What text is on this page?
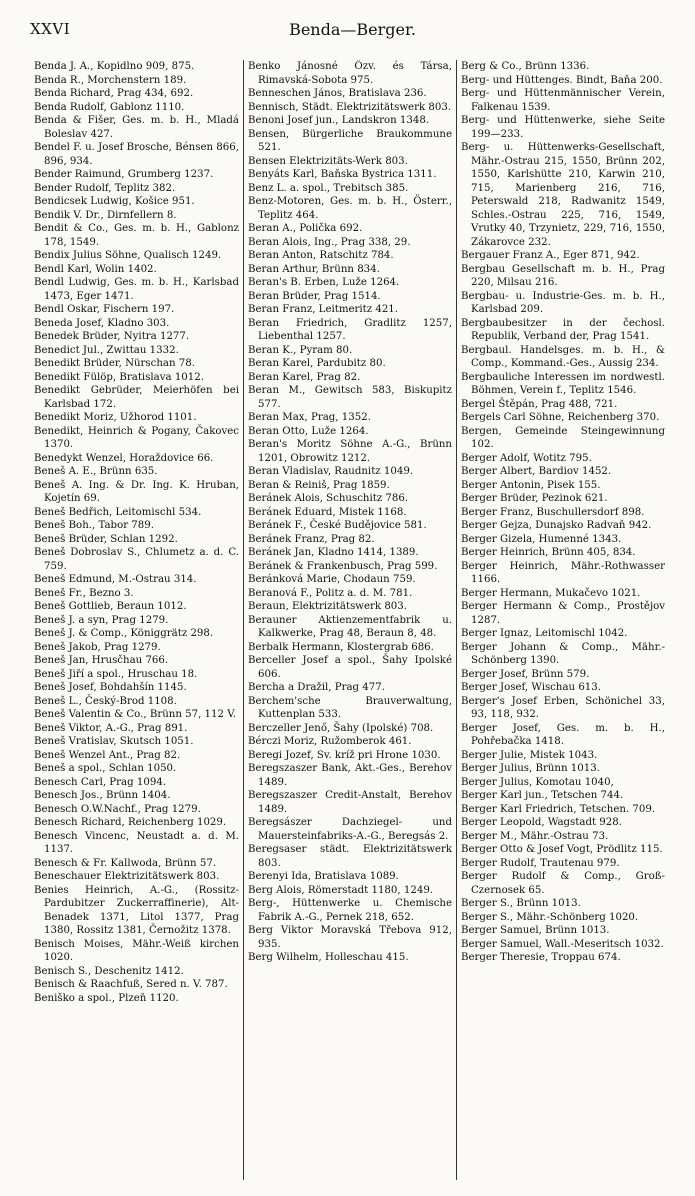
XXVI	Benda—Berger.

Benda J. A., Kopidlno 909, 875.

Benda R., Morchenstern 189.

Benda Richard, Prag 434, 692.

Benda Rudolf, Gablonz 1110.

Benda & Fišer, Ges. m. b. H., Mladá Boleslav 427.

Bendel F. u. Josef Brosche, Bénsen 866, 896, 934.

Bender Raimund, Grumberg 1237.

Bender Rudolf, Teplitz 382.

Bendicsek Ludwig, Košice 951.

Bendik V. Dr., Dirnfellern 8.

Bendit & Co., Ges. m. b. H., Gablonz 178, 1549.

Bendix Julius Söhne, Qualisch 1249.

Bendl Karl, Wolin 1402.

Bendl Ludwig, Ges. m. b. H., Karlsbad 1473, Eger 1471.

Bendl Oskar, Fischern 197.

Beneda Josef, Kladno 303.

Benedek Brüder, Nyitra 1277.

Benedict Jul., Zwittau 1332.

Benedikt Brüder, Nürschan 78.

Benedikt Fülöp, Bratislava 1012.

Benedikt Gebrüder, Meierhöfen bei Karlsbad 172.

Benedikt Moriz, Užhorod 1101.

Benedikt, Heinrich & Pogany, Čakovec 1370.

Benedykt Wenzel, Horaždovice 66.

Beneš A. E., Brünn 635.

Beneš A. Ing. & Dr. Ing. K. Hruban, Kojetín 69.

Beneš Bedřich, Leitomischl 534.

Beneš Boh., Tabor 789.

Beneš Brüder, Schlan 1292.

Beneš Dobroslav S., Chlumetz a. d. C. 759.

Beneš Edmund, M.-Ostrau 314.

Beneš Fr., Bezno 3.

Beneš Gottlieb, Beraun 1012.

Beneš J. a syn, Prag 1279.

Beneš J. & Comp., Königgrätz 298.

Beneš Jakob, Prag 1279.

Beneš Jan, Hrusčhau 766.

Beneš Jiří a spol., Hruschau 18.

Beneš Josef, Bohdahšín 1145.

Beneš L., Český-Brod 1108.

Beneš Valentin & Co., Brünn 57, 112 V.

Beneš Viktor, A.-G., Prag 891.

Beneš Vratislav, Skutsch 1051.

Beneš Wenzel Ant., Prag 82.

Beneš a spol., Schlan 1050.

Benesch Carl, Prag 1094.

Benesch Jos., Brünn 1404.

Benesch O.W.Nachf., Prag 1279.

Benesch Richard, Reichenberg 1029.

Benesch Vincenc, Neustadt a. d. M. 1137.

Benesch & Fr. Kallwoda, Brünn 57.

Beneschauer Elektrizitätswerk 803.

Benies Heinrich, A.-G., (Rossitz-Pardubitzer Zuckerraffinerie), Alt-Benadek 1371, Litol 1377, Prag 1380, Rossitz 1381, Černožitz 1378.

Benisch Moises, Mähr.-Weiß kirchen 1020.

Benisch S., Deschenitz 1412.

Benisch & Raachfuß, Sered n. V. 787.

Beniško a spol., Plzeň 1120.

Benko Jánosné Özv. és Társa, Rimavská-Sobota 975.

Benneschen János, Bratislava 236.

Bennisch, Städt. Elektrizitätswerk 803.

Benoni Josef jun., Landskron 1348.

Bensen, Bürgerliche Braukommune 521.

Bensen Elektrizitäts-Werk 803.

Benyáts Karl, Baňska Bystrica 1311.

Benz L. a. spol., Trebitsch 385.

Benz-Motoren, Ges. m. b. H., Österr., Teplitz 464.

Beran A., Polička 692.

Beran Alois, Ing., Prag 338, 29.

Beran Anton, Ratschitz 784.

Beran Arthur, Brünn 834.

Beran's B. Erben, Luže 1264.

Beran Brüder, Prag 1514.

Beran Franz, Leitmeritz 421.

Beran Friedrich, Gradlitz 1257, Liebenthal 1257.

Beran K., Pyram 80.

Beran Karel, Pardubitz 80.

Beran Karel, Prag 82.

Beran M., Gewitsch 583, Biskupitz 577.

Beran Max, Prag, 1352.

Beran Otto, Luže 1264.

Beran's Moritz Söhne A.-G., Brünn 1201, Obrowitz 1212.

Beran Vladislav, Raudnitz 1049.

Beran & Reiniš, Prag 1859.

Beránek Alois, Schuschitz 786.

Beránek Eduard, Mistek 1168.

Beránek F., České Budějovice 581.

Beránek Franz, Prag 82.

Beránek Jan, Kladno 1414, 1389.

Beránek & Frankenbusch, Prag 599.

Beránková Marie, Chodaun 759.

Beranová F., Politz a. d. M. 781.

Beraun, Elektrizitätswerk 803.

Berauner Aktienzementfabrik u. Kalkwerke, Prag 48, Beraun 8, 48.

Berbalk Hermann, Klostergrab 686.

Berceller Josef a spol., Šahy Ipolské 606.

Bercha a Dražil, Prag 477.

Berchem'sche Brauverwaltung, Kuttenplan 533.

Berczeller Jenő, Šahy (Ipolské) 708.

Bérczi Moriz, Ružomberok 461.

Beregi Jozef, Sv. kríž pri Hrone 1030.

Beregszaszer Bank, Akt.-Ges., Berehov 1489.

Beregszaszer Credit-Anstalt, Berehov 1489.

Beregsászer Dachziegel- und Mauersteinfabriks-A.-G., Beregsás 2.

Beregsaser städt. Elektrizitätswerk 803.

Berenyi Ida, Bratislava 1089.

Berg Alois, Römerstadt 1180, 1249.

Berg-, Hüttenwerke u. Chemische Fabrik A.-G., Pernek 218, 652.

Berg Viktor Moravská Třebova 912, 935.

Berg Wilhelm, Holleschau 415.

Berg & Co., Brünn 1336.

Berg- und Hüttenges. Bindt, Baňa 200.

Berg- und Hüttenmännischer Verein, Falkenau 1539.

Berg- und Hüttenwerke, siehe Seite 199—233.

Berg- u. Hüttenwerks-Gesellschaft, Mähr.-Ostrau 215, 1550, Brünn 202, 1550, Karlshütte 210, Karwin 210, 715, Marienberg 216, 716, Peterswald 218, Radwanitz 1549, Schles.-Ostrau 225, 716, 1549, Vrutky 40, Trzynietz, 229, 716, 1550, Zákarovce 232.

Bergauer Franz A., Eger 871, 942.

Bergbau Gesellschaft m. b. H., Prag 220, Milsau 216.

Bergbau- u. Industrie-Ges. m. b. H., Karlsbad 209.

Bergbaubesitzer in der čechosl. Republik, Verband der, Prag 1541.

Bergbaul. Handelsges. m. b. H., & Comp., Kommand.-Ges., Aussig 234.

Bergbauliche Interessen im nordwestl. Böhmen, Verein f., Teplitz 1546.

Bergel Štěpán, Prag 488, 721.

Bergels Carl Söhne, Reichenberg 370.

Bergen, Gemeinde Steingewinnung 102.

Berger Adolf, Wotitz 795.

Berger Albert, Bardiov 1452.

Berger Antonin, Pisek 155.

Berger Brüder, Pezinok 621.

Berger Franz, Buschullersdorf 898.

Berger Gejza, Dunajsko Radvaň 942.

Berger Gizela, Humenné 1343.

Berger Heinrich, Brünn 405, 834.

Berger Heinrich, Mähr.-Rothwasser 1166.

Berger Hermann, Mukačevo 1021.

Berger Hermann & Comp., Prostějov 1287.

Berger Ignaz, Leitomischl 1042.

Berger Johann & Comp., Mähr.-Schönberg 1390.

Berger Josef, Brünn 579.

Berger Josef, Wischau 613.

Berger's Josef Erben, Schönichel 33, 93, 118, 932.

Berger Josef, Ges. m. b. H., Pohřebačka 1418.

Berger Julie, Mistek 1043.

Berger Julius, Brünn 1013.

Berger Julius, Komotau 1040,

Berger Karl jun., Tetschen 744.

Berger Karl Friedrich, Tetschen. 709.

Berger Leopold, Wagstadt 928.

Berger M., Mähr.-Ostrau 73.

Berger Otto & Josef Vogt, Prödlitz 115.

Berger Rudolf, Trautenau 979.

Berger Rudolf & Comp., Groß-Czernosek 65.

Berger S., Brünn 1013.

Berger S., Mähr.-Schönberg 1020.

Berger Samuel, Brünn 1013.

Berger Samuel, Wall.-Meseritsch 1032.

Berger Theresie, Troppau 674.
